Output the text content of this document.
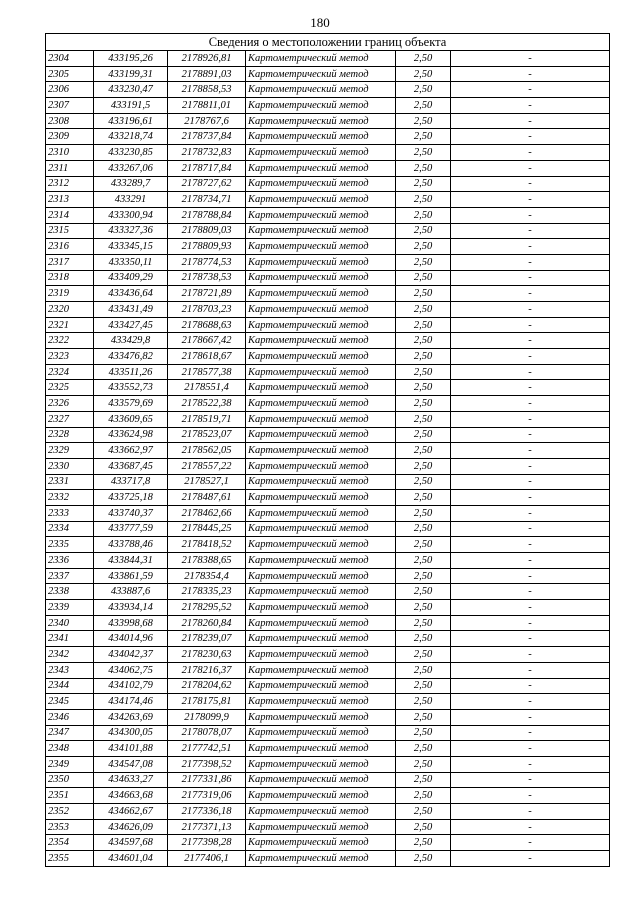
180
Сведения о местоположении границ объекта					
2304	433195,26	2178926,81	Картометрический метод	2,50	-
2305	433199,31	2178891,03	Картометрический метод	2,50	-
2306	433230,47	2178858,53	Картометрический метод	2,50	-
2307	433191,5	2178811,01	Картометрический метод	2,50	-
2308	433196,61	2178767,6	Картометрический метод	2,50	-
2309	433218,74	2178737,84	Картометрический метод	2,50	-
2310	433230,85	2178732,83	Картометрический метод	2,50	-
2311	433267,06	2178717,84	Картометрический метод	2,50	-
2312	433289,7	2178727,62	Картометрический метод	2,50	-
2313	433291	2178734,71	Картометрический метод	2,50	-
2314	433300,94	2178788,84	Картометрический метод	2,50	-
2315	433327,36	2178809,03	Картометрический метод	2,50	-
2316	433345,15	2178809,93	Картометрический метод	2,50	-
2317	433350,11	2178774,53	Картометрический метод	2,50	-
2318	433409,29	2178738,53	Картометрический метод	2,50	-
2319	433436,64	2178721,89	Картометрический метод	2,50	-
2320	433431,49	2178703,23	Картометрический метод	2,50	-
2321	433427,45	2178688,63	Картометрический метод	2,50	-
2322	433429,8	2178667,42	Картометрический метод	2,50	-
2323	433476,82	2178618,67	Картометрический метод	2,50	-
2324	433511,26	2178577,38	Картометрический метод	2,50	-
2325	433552,73	2178551,4	Картометрический метод	2,50	-
2326	433579,69	2178522,38	Картометрический метод	2,50	-
2327	433609,65	2178519,71	Картометрический метод	2,50	-
2328	433624,98	2178523,07	Картометрический метод	2,50	-
2329	433662,97	2178562,05	Картометрический метод	2,50	-
2330	433687,45	2178557,22	Картометрический метод	2,50	-
2331	433717,8	2178527,1	Картометрический метод	2,50	-
2332	433725,18	2178487,61	Картометрический метод	2,50	-
2333	433740,37	2178462,66	Картометрический метод	2,50	-
2334	433777,59	2178445,25	Картометрический метод	2,50	-
2335	433788,46	2178418,52	Картометрический метод	2,50	-
2336	433844,31	2178388,65	Картометрический метод	2,50	-
2337	433861,59	2178354,4	Картометрический метод	2,50	-
2338	433887,6	2178335,23	Картометрический метод	2,50	-
2339	433934,14	2178295,52	Картометрический метод	2,50	-
2340	433998,68	2178260,84	Картометрический метод	2,50	-
2341	434014,96	2178239,07	Картометрический метод	2,50	-
2342	434042,37	2178230,63	Картометрический метод	2,50	-
2343	434062,75	2178216,37	Картометрический метод	2,50	-
2344	434102,79	2178204,62	Картометрический метод	2,50	-
2345	434174,46	2178175,81	Картометрический метод	2,50	-
2346	434263,69	2178099,9	Картометрический метод	2,50	-
2347	434300,05	2178078,07	Картометрический метод	2,50	-
2348	434101,88	2177742,51	Картометрический метод	2,50	-
2349	434547,08	2177398,52	Картометрический метод	2,50	-
2350	434633,27	2177331,86	Картометрический метод	2,50	-
2351	434663,68	2177319,06	Картометрический метод	2,50	-
2352	434662,67	2177336,18	Картометрический метод	2,50	-
2353	434626,09	2177371,13	Картометрический метод	2,50	-
2354	434597,68	2177398,28	Картометрический метод	2,50	-
2355	434601,04	2177406,1	Картометрический метод	2,50	-
